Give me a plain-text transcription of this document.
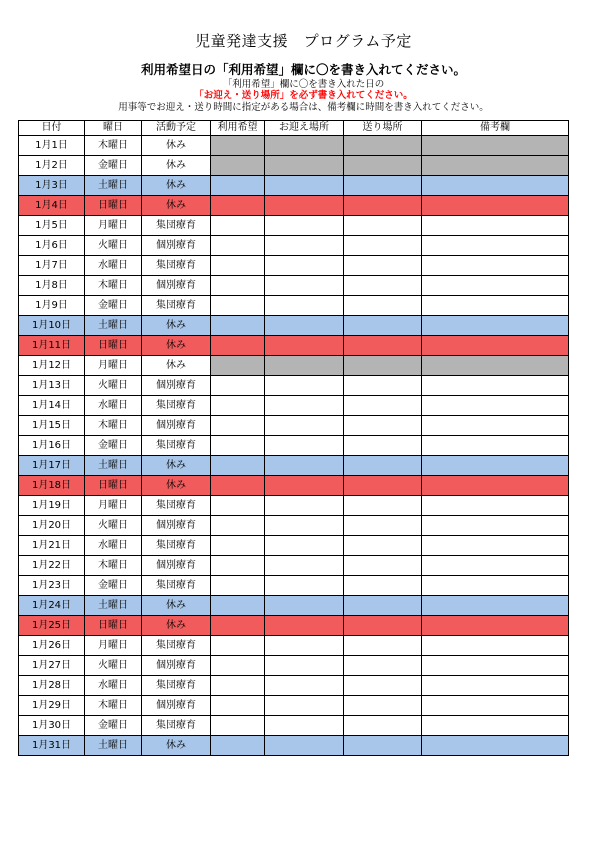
児童発達支援　プログラム予定
利用希望日の「利用希望」欄に〇を書き入れてください。
「利用希望」欄に〇を書き入れた日の
「お迎え・送り場所」を必ず書き入れてください。
用事等でお迎え・送り時間に指定がある場合は、備考欄に時間を書き入れてください。
日付	曜日	活動予定	利用希望	お迎え場所	送り場所	備考欄
1月1日	木曜日	休み				
1月2日	金曜日	休み				
1月3日	土曜日	休み				
1月4日	日曜日	休み				
1月5日	月曜日	集団療育				
1月6日	火曜日	個別療育				
1月7日	水曜日	集団療育				
1月8日	木曜日	個別療育				
1月9日	金曜日	集団療育				
1月10日	土曜日	休み				
1月11日	日曜日	休み				
1月12日	月曜日	休み				
1月13日	火曜日	個別療育				
1月14日	水曜日	集団療育				
1月15日	木曜日	個別療育				
1月16日	金曜日	集団療育				
1月17日	土曜日	休み				
1月18日	日曜日	休み				
1月19日	月曜日	集団療育				
1月20日	火曜日	個別療育				
1月21日	水曜日	集団療育				
1月22日	木曜日	個別療育				
1月23日	金曜日	集団療育				
1月24日	土曜日	休み				
1月25日	日曜日	休み				
1月26日	月曜日	集団療育				
1月27日	火曜日	個別療育				
1月28日	水曜日	集団療育				
1月29日	木曜日	個別療育				
1月30日	金曜日	集団療育				
1月31日	土曜日	休み				
